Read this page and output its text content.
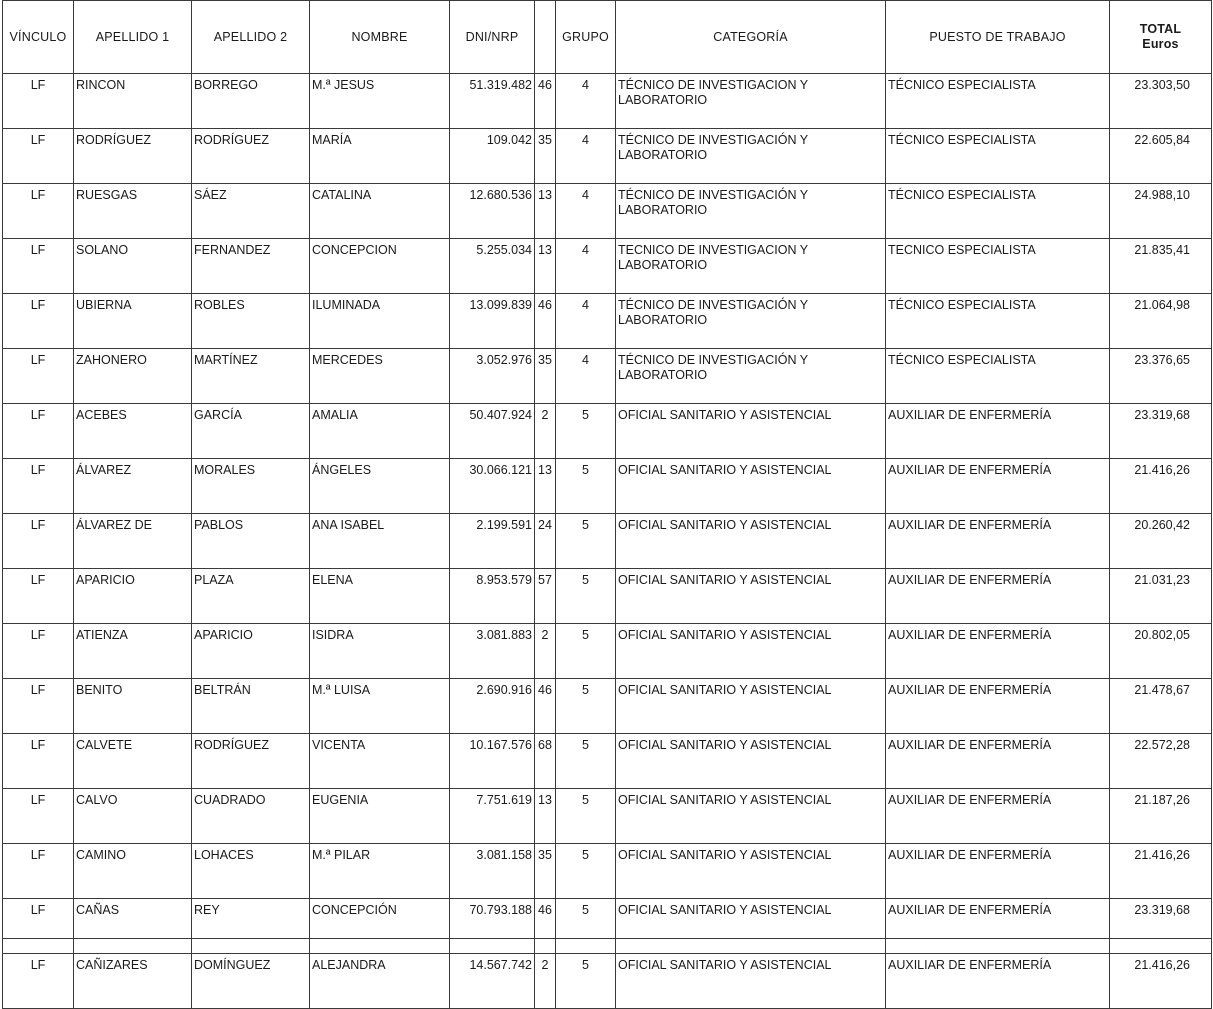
VÍNCULO	APELLIDO 1	APELLIDO 2	NOMBRE	DNI/NRP		GRUPO	CATEGORÍA	PUESTO DE TRABAJO	TOTAL
Euros

LF	RINCON	BORREGO	M.ª JESUS	51.319.482	46	4	TÉCNICO DE INVESTIGACION Y LABORATORIO	TÉCNICO ESPECIALISTA	23.303,50
LF	RODRÍGUEZ	RODRÍGUEZ	MARÍA	109.042	35	4	TÉCNICO DE INVESTIGACIÓN Y LABORATORIO	TÉCNICO ESPECIALISTA	22.605,84
LF	RUESGAS	SÁEZ	CATALINA	12.680.536	13	4	TÉCNICO DE INVESTIGACIÓN Y LABORATORIO	TÉCNICO ESPECIALISTA	24.988,10
LF	SOLANO	FERNANDEZ	CONCEPCION	5.255.034	13	4	TECNICO DE INVESTIGACION Y LABORATORIO	TECNICO ESPECIALISTA	21.835,41
LF	UBIERNA	ROBLES	ILUMINADA	13.099.839	46	4	TÉCNICO DE INVESTIGACIÓN Y LABORATORIO	TÉCNICO ESPECIALISTA	21.064,98
LF	ZAHONERO	MARTÍNEZ	MERCEDES	3.052.976	35	4	TÉCNICO DE INVESTIGACIÓN Y LABORATORIO	TÉCNICO ESPECIALISTA	23.376,65
LF	ACEBES	GARCÍA	AMALIA	50.407.924	2	5	OFICIAL SANITARIO Y ASISTENCIAL	AUXILIAR DE ENFERMERÍA	23.319,68
LF	ÁLVAREZ	MORALES	ÁNGELES	30.066.121	13	5	OFICIAL SANITARIO Y ASISTENCIAL	AUXILIAR DE ENFERMERÍA	21.416,26
LF	ÁLVAREZ DE	PABLOS	ANA ISABEL	2.199.591	24	5	OFICIAL SANITARIO Y ASISTENCIAL	AUXILIAR DE ENFERMERÍA	20.260,42
LF	APARICIO	PLAZA	ELENA	8.953.579	57	5	OFICIAL SANITARIO Y ASISTENCIAL	AUXILIAR DE ENFERMERÍA	21.031,23
LF	ATIENZA	APARICIO	ISIDRA	3.081.883	2	5	OFICIAL SANITARIO Y ASISTENCIAL	AUXILIAR DE ENFERMERÍA	20.802,05
LF	BENITO	BELTRÁN	M.ª LUISA	2.690.916	46	5	OFICIAL SANITARIO Y ASISTENCIAL	AUXILIAR DE ENFERMERÍA	21.478,67
LF	CALVETE	RODRÍGUEZ	VICENTA	10.167.576	68	5	OFICIAL SANITARIO Y ASISTENCIAL	AUXILIAR DE ENFERMERÍA	22.572,28
LF	CALVO	CUADRADO	EUGENIA	7.751.619	13	5	OFICIAL SANITARIO Y ASISTENCIAL	AUXILIAR DE ENFERMERÍA	21.187,26
LF	CAMINO	LOHACES	M.ª PILAR	3.081.158	35	5	OFICIAL SANITARIO Y ASISTENCIAL	AUXILIAR DE ENFERMERÍA	21.416,26
LF	CAÑAS	REY	CONCEPCIÓN	70.793.188	46	5	OFICIAL SANITARIO Y ASISTENCIAL	AUXILIAR DE ENFERMERÍA	23.319,68
LF	CAÑIZARES	DOMÍNGUEZ	ALEJANDRA	14.567.742	2	5	OFICIAL SANITARIO Y ASISTENCIAL	AUXILIAR DE ENFERMERÍA	21.416,26
